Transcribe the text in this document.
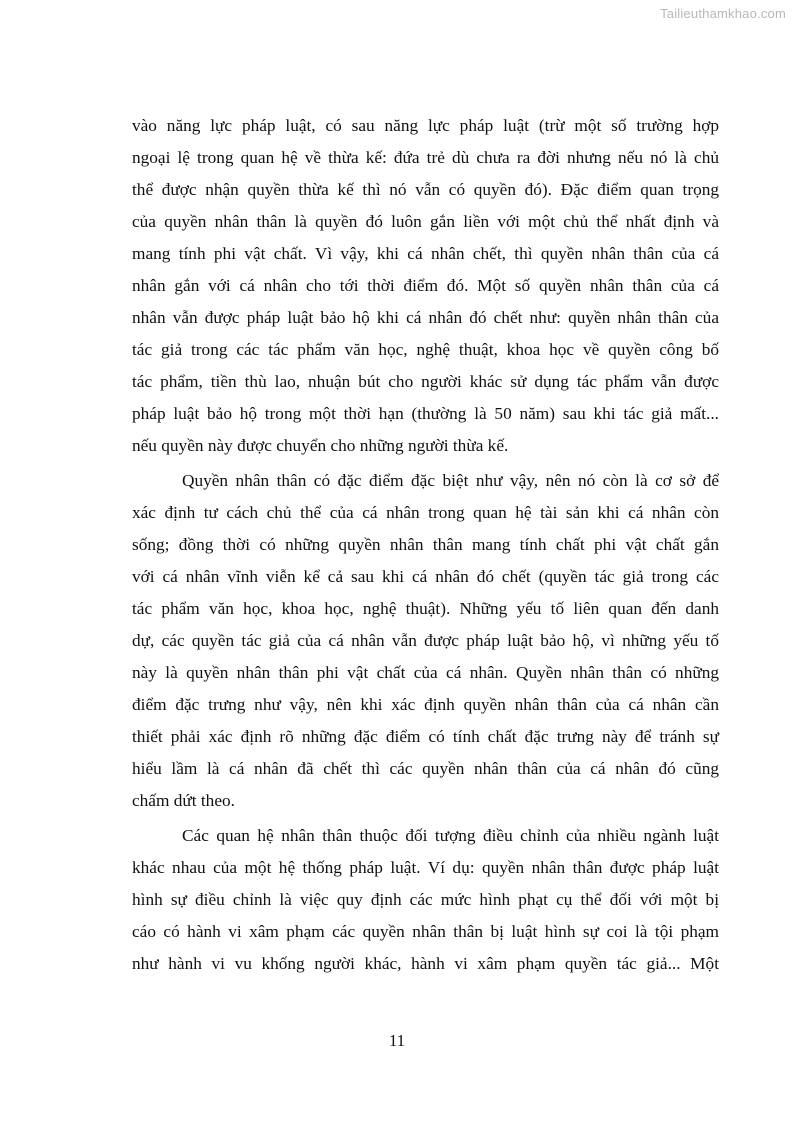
Tailieuthamkhao.com
vào năng lực pháp luật, có sau năng lực pháp luật (trừ một số trường hợp
ngoại lệ trong quan hệ về thừa kế: đứa trẻ dù chưa ra đời nhưng nếu nó là chủ
thể được nhận quyền thừa kế thì nó vẫn có quyền đó). Đặc điểm quan trọng
của quyền nhân thân là quyền đó luôn gắn liền với một chủ thể nhất định và
mang tính phi vật chất. Vì vậy, khi cá nhân chết, thì quyền nhân thân của cá
nhân gắn với cá nhân cho tới thời điểm đó. Một số quyền nhân thân của cá
nhân vẫn được pháp luật bảo hộ khi cá nhân đó chết như: quyền nhân thân của
tác giả trong các tác phẩm văn học, nghệ thuật, khoa học về quyền công bố
tác phẩm, tiền thù lao, nhuận bút cho người khác sử dụng tác phẩm vẫn được
pháp luật bảo hộ trong một thời hạn (thường là 50 năm) sau khi tác giả mất...
nếu quyền này được chuyển cho những người thừa kế.
Quyền nhân thân có đặc điểm đặc biệt như vậy, nên nó còn là cơ sở để
xác định tư cách chủ thể của cá nhân trong quan hệ tài sản khi cá nhân còn
sống; đồng thời có những quyền nhân thân mang tính chất phi vật chất gắn
với cá nhân vĩnh viễn kể cả sau khi cá nhân đó chết (quyền tác giả trong các
tác phẩm văn học, khoa học, nghệ thuật). Những yếu tố liên quan đến danh
dự, các quyền tác giả của cá nhân vẫn được pháp luật bảo hộ, vì những yếu tố
này là quyền nhân thân phi vật chất của cá nhân. Quyền nhân thân có những
điểm đặc trưng như vậy, nên khi xác định quyền nhân thân của cá nhân cần
thiết phải xác định rõ những đặc điểm có tính chất đặc trưng này để tránh sự
hiểu lầm là cá nhân đã chết thì các quyền nhân thân của cá nhân đó cũng
chấm dứt theo.
Các quan hệ nhân thân thuộc đối tượng điều chỉnh của nhiều ngành luật
khác nhau của một hệ thống pháp luật. Ví dụ: quyền nhân thân được pháp luật
hình sự điều chỉnh là việc quy định các mức hình phạt cụ thể đối với một bị
cáo có hành vi xâm phạm các quyền nhân thân bị luật hình sự coi là tội phạm
như hành vi vu khống người khác, hành vi xâm phạm quyền tác giả... Một
11
